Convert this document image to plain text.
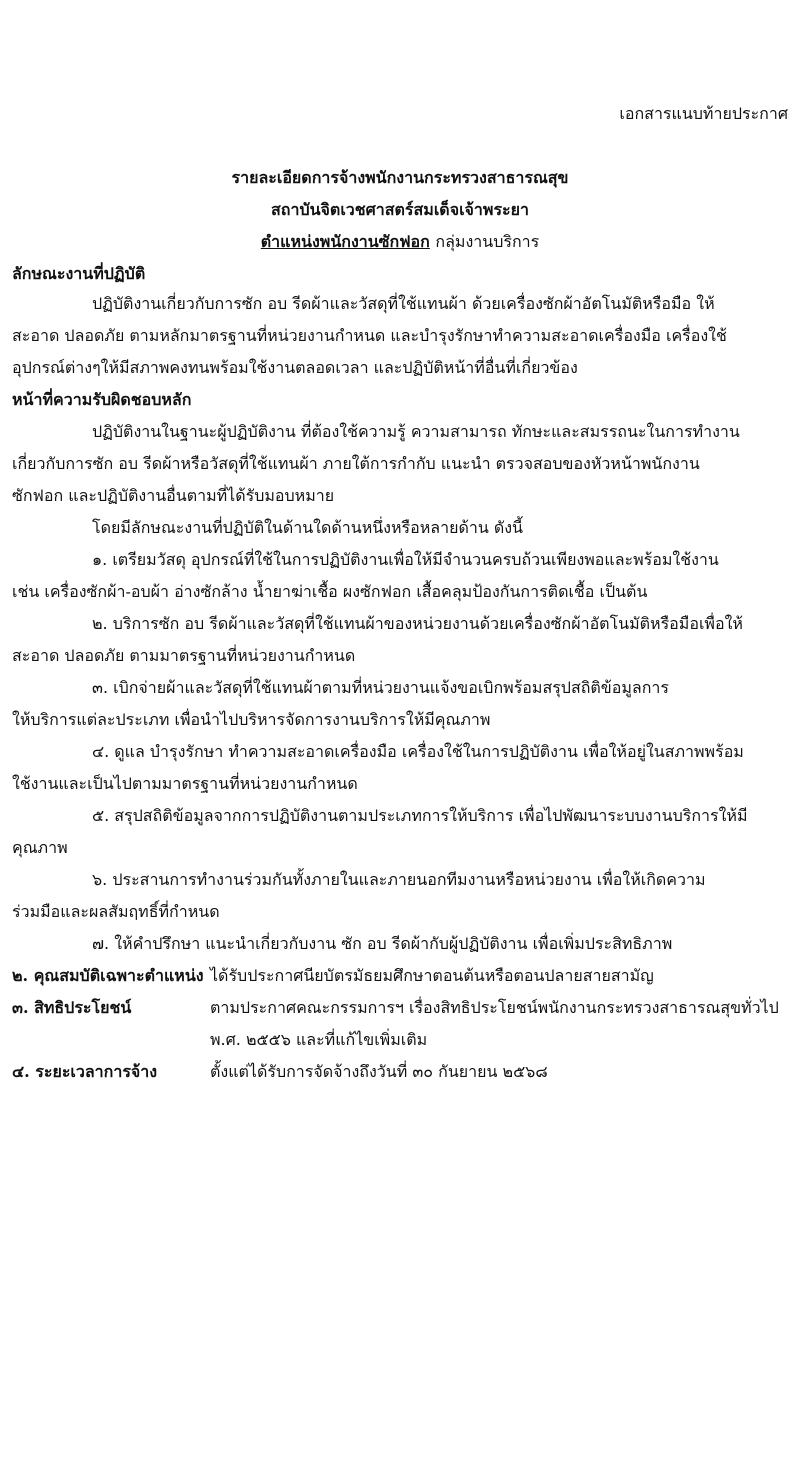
เอกสารแนบท้ายประกาศ
รายละเอียดการจ้างพนักงานกระทรวงสาธารณสุข
สถาบันจิตเวชศาสตร์สมเด็จเจ้าพระยา
ตำแหน่งพนักงานซักฟอก กลุ่มงานบริการ
ลักษณะงานที่ปฏิบัติ
ปฏิบัติงานเกี่ยวกับการซัก อบ รีดผ้าและวัสดุที่ใช้แทนผ้า ด้วยเครื่องซักผ้าอัตโนมัติหรือมือ ให้
สะอาด ปลอดภัย ตามหลักมาตรฐานที่หน่วยงานกำหนด และบำรุงรักษาทำความสะอาดเครื่องมือ เครื่องใช้
อุปกรณ์ต่างๆให้มีสภาพคงทนพร้อมใช้งานตลอดเวลา และปฏิบัติหน้าที่อื่นที่เกี่ยวข้อง
หน้าที่ความรับผิดชอบหลัก
ปฏิบัติงานในฐานะผู้ปฏิบัติงาน ที่ต้องใช้ความรู้ ความสามารถ ทักษะและสมรรถนะในการทำงาน
เกี่ยวกับการซัก อบ รีดผ้าหรือวัสดุที่ใช้แทนผ้า ภายใต้การกำกับ แนะนำ ตรวจสอบของหัวหน้าพนักงาน
ซักฟอก และปฏิบัติงานอื่นตามที่ได้รับมอบหมาย
โดยมีลักษณะงานที่ปฏิบัติในด้านใดด้านหนึ่งหรือหลายด้าน ดังนี้
๑. เตรียมวัสดุ อุปกรณ์ที่ใช้ในการปฏิบัติงานเพื่อให้มีจำนวนครบถ้วนเพียงพอและพร้อมใช้งาน
เช่น เครื่องซักผ้า-อบผ้า อ่างซักล้าง น้ำยาฆ่าเชื้อ ผงซักฟอก เสื้อคลุมป้องกันการติดเชื้อ เป็นต้น
๒. บริการซัก อบ รีดผ้าและวัสดุที่ใช้แทนผ้าของหน่วยงานด้วยเครื่องซักผ้าอัตโนมัติหรือมือเพื่อให้
สะอาด ปลอดภัย ตามมาตรฐานที่หน่วยงานกำหนด
๓. เบิกจ่ายผ้าและวัสดุที่ใช้แทนผ้าตามที่หน่วยงานแจ้งขอเบิกพร้อมสรุปสถิติข้อมูลการ
ให้บริการแต่ละประเภท เพื่อนำไปบริหารจัดการงานบริการให้มีคุณภาพ
๔. ดูแล บำรุงรักษา ทำความสะอาดเครื่องมือ เครื่องใช้ในการปฏิบัติงาน เพื่อให้อยู่ในสภาพพร้อม
ใช้งานและเป็นไปตามมาตรฐานที่หน่วยงานกำหนด
๕. สรุปสถิติข้อมูลจากการปฏิบัติงานตามประเภทการให้บริการ เพื่อไปพัฒนาระบบงานบริการให้มี
คุณภาพ
๖. ประสานการทำงานร่วมกันทั้งภายในและภายนอกทีมงานหรือหน่วยงาน เพื่อให้เกิดความ
ร่วมมือและผลสัมฤทธิ์ที่กำหนด
๗. ให้คำปรึกษา แนะนำเกี่ยวกับงาน ซัก อบ รีดผ้ากับผู้ปฏิบัติงาน เพื่อเพิ่มประสิทธิภาพ
๒. คุณสมบัติเฉพาะตำแหน่ง ได้รับประกาศนียบัตรมัธยมศึกษาตอนต้นหรือตอนปลายสายสามัญ
๓. สิทธิประโยชน์	ตามประกาศคณะกรรมการฯ เรื่องสิทธิประโยชน์พนักงานกระทรวงสาธารณสุขทั่วไป
พ.ศ. ๒๕๕๖ และที่แก้ไขเพิ่มเติม
๔. ระยะเวลาการจ้าง	ตั้งแต่ได้รับการจัดจ้างถึงวันที่ ๓๐ กันยายน ๒๕๖๘
